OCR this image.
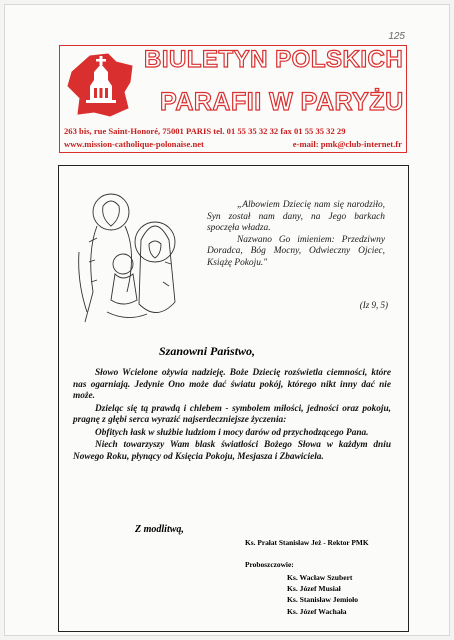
125
BIULETYN POLSKICH
PARAFII W PARYŻU
263 bis, rue Saint-Honoré, 75001 PARIS tel. 01 55 35 32 32 fax 01 55 35 32 29
www.mission-catholique-polonaise.net	e-mail: pmk@club-internet.fr

„Albowiem Dziecię nam się narodziło, Syn został nam dany, na Jego barkach spoczęła władza.

Nazwano Go imieniem: Przedziwny Doradca, Bóg Mocny, Odwieczny Ojciec, Książę Pokoju."

(Iz 9, 5)
Szanowni Państwo,

Słowo Wcielone ożywia nadzieję. Boże Dziecię rozświetla ciemności, które nas ogarniają. Jedynie Ono może dać światu pokój, którego nikt inny dać nie może.

Dzieląc się tą prawdą i chlebem - symbolem miłości, jedności oraz pokoju, pragnę z głębi serca wyrazić najserdeczniejsze życzenia:

Obfitych łask w służbie ludziom i mocy darów od przychodzącego Pana.

Niech towarzyszy Wam blask światłości Bożego Słowa w każdym dniu Nowego Roku, płynący od Księcia Pokoju, Mesjasza i Zbawiciela.

Z modlitwą,
Ks. Prałat Stanisław Jeż - Rektor PMK
Proboszczowie:
Ks. Wacław Szubert
Ks. Józef Musiał
Ks. Stanisław Jemioło
Ks. Józef Wachała
